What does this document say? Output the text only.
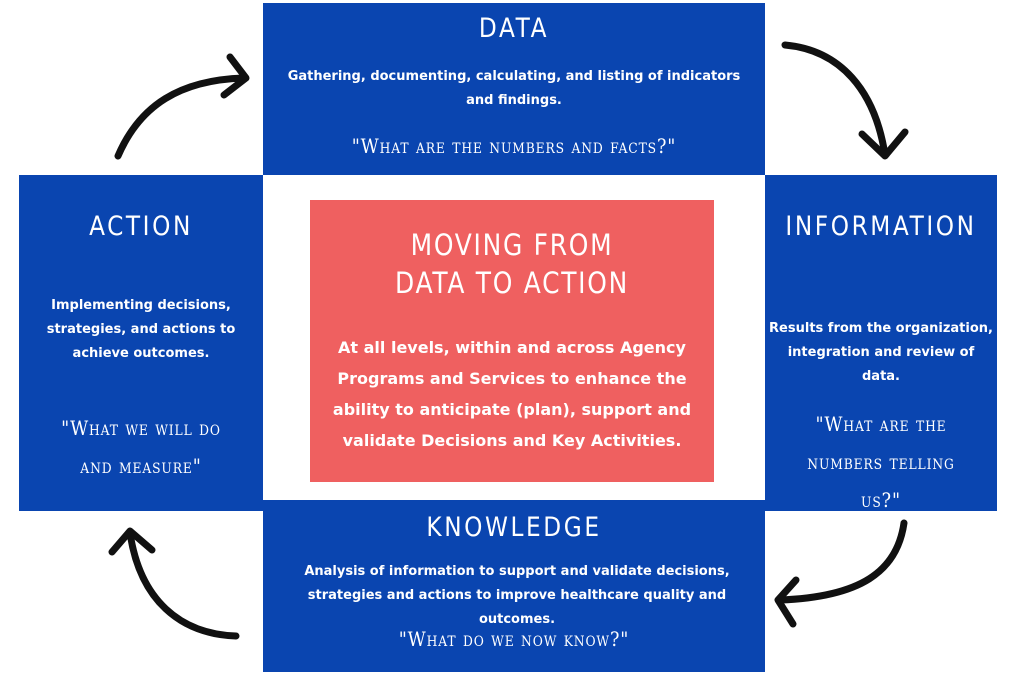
DATA
Gathering, documenting, calculating, and listing of indicators and findings.
"What are the numbers and facts?"
INFORMATION
Results from the organization, integration and review of data.
"What are the numbers telling us?"
ACTION
Implementing decisions, strategies, and actions to achieve outcomes.
"What we will do and measure"
KNOWLEDGE
Analysis of information to support and validate decisions, strategies and actions to improve healthcare quality and outcomes.
"What do we now know?"
MOVING FROM
DATA TO ACTION
At all levels, within and across Agency Programs and Services to enhance the ability to anticipate (plan), support and validate Decisions and Key Activities.
